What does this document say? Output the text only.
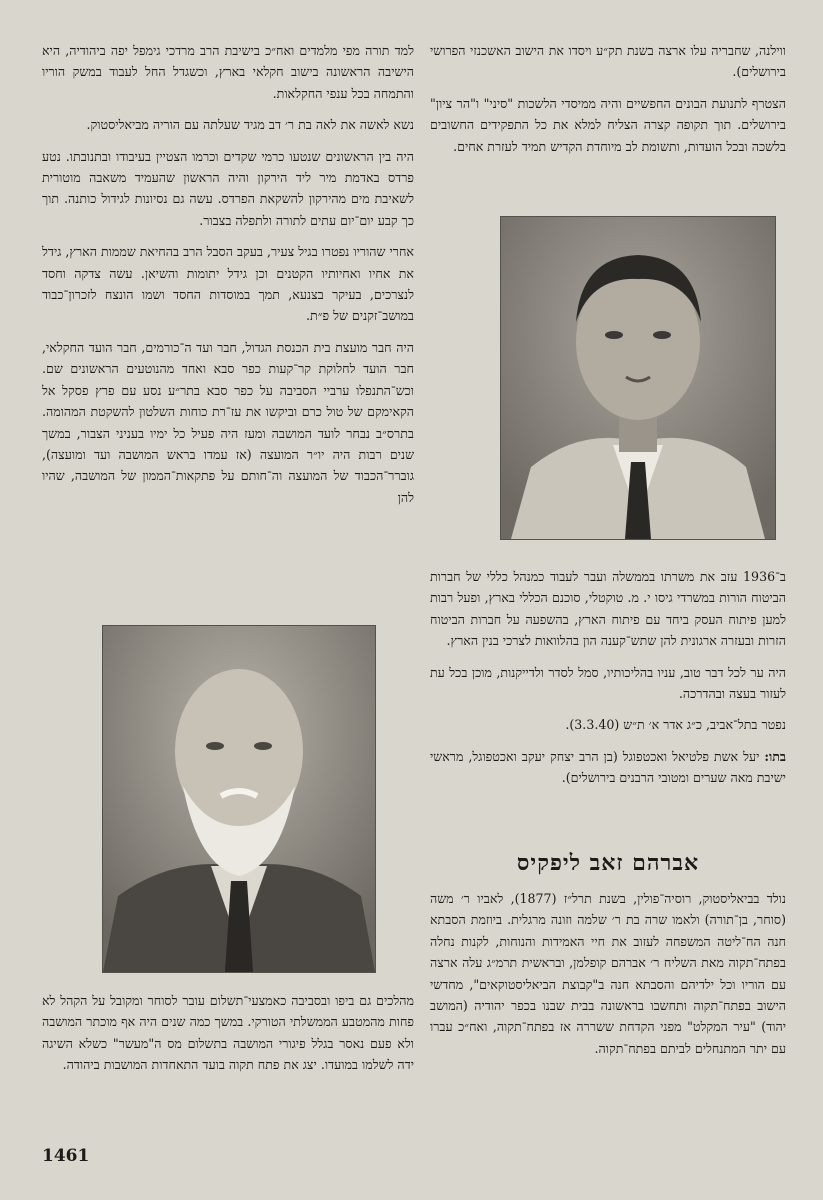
ווילנה, שחבריה עלו ארצה בשנת תק״ע ויסדו את הישוב האשכנזי הפרושי בירושלים).

הצטרף לתנועת הבונים החפשיים והיה ממיסדי הלשכות "סיני" ו"הר ציון" בירושלים. תוך תקופה קצרה הצליח למלא את כל התפקידים החשובים בלשכה ובכל הועדות, ותשומת לב מיוחדת הקדיש תמיד לעזרת אחים.

ב־1936 עזב את משרתו בממשלה ועבר לעבוד כמנהל כללי של חברות הביטוח הורות במשרדי גיסו י. מ. טוקטלי, סוכנם הכללי בארץ, ופעל רבות למען פיתוח העסק ביחד עם פיתוח הארץ, בהשפעה על חברות הביטוח הזרות ובעזרה ארגונית להן שתש־קענה הון בהלוואות לצרכי בנין הארץ.

היה ער לכל דבר טוב, עניו בהליכותיו, סמל לסדר ולדייקנות, מוכן בכל עת לעזור בעצה ובהדרכה.

נפטר בתל־אביב, כ״ג אדר א׳ ת״ש (3.3.40).

בתו: יעל אשת פלטיאל ואכטפוגל (בן הרב יצחק יעקב ואכטפוגל, מראשי ישיבת מאה שערים ומטובי הרבנים בירושלים).

אברהם זאב ליפקיס

נולד בביאליסטוק, רוסיה־פולין, בשנת תרל״ז (1877), לאביו ר׳ משה (סוחר, בן־תורה) ולאמו שרה בת ר׳ שלמה וזונה מרגלית. ביוזמת הסבתא חנה הח־ליטה המשפחה לעזוב את חיי האמידות והנוחות, לקנות נחלה בפתח־תקוה מאת השליח ר׳ אברהם קופלמן, ובראשית תרמ״ג עלה ארצה עם הוריו וכל ילדיהם והסבתא חנה ב"קבוצת הביאליסטוקאים", מחדשי הישוב בפתח־תקוה ותחשבו בראשונה בבית שבנו בכפר יהודיה (המושב יהוד) "עיר המקלט" מפני הקדחת ששררה אז בפתח־תקוה, ואח״כ עברו עם יתר המתנחלים לביתם בפתח־תקוה.

למד תורה מפי מלמדים ואח״כ בישיבת הרב מרדכי גימפל יפה ביהודיה, היא הישיבה הראשונה בישוב חקלאי בארץ, וכשגדל החל לעבוד במשק הוריו והתמחה בכל ענפי החקלאות.

נשא לאשה את לאה בת ר׳ דב מגיד שעלתה עם הוריה מביאליסטוק.

היה בין הראשונים שנטעו כרמי שקדים וכרמו הצטיין בעיבודו ובתנובתו. נטע פרדס באדמת מיר ליד הירקון והיה הראשון שהעמיד משאבה מוטורית לשאיבת מים מהירקון להשקאת הפרדס. עשה גם נסיונות לגידול כותנה. תוך כך קבע יום־יום עתים לתורה ולתפלה בצבור.

אחרי שהוריו נפטרו בגיל צעיר, בעקב הסבל הרב בהחיאת שממות הארץ, גידל את אחיו ואחיותיו הקטנים וכן גידל יתומות והשיאן. עשה צדקה וחסד לנצרכים, בעיקר בצנעא, תמך במוסדות החסד ושמו הונצח לזכרון־כבוד במושב־זקנים של פ״ת.

היה חבר מועצת בית הכנסת הגדול, חבר ועד ה־כורמים, חבר הועד החקלאי, חבר הועד לחלוקת קר־קעות כפר סבא ואחד מהנוטעים הראשונים שם. וכש־התנפלו ערביי הסביבה על כפר סבא בתר״ע נסע עם פרץ פסקל אל הקאימקם של טול כרם וביקשו את עז־רת כוחות השלטון להשקטת המהומה. בתרס״ב נבחר לועד המושבה ומעז היה פעיל כל ימיו בעניני הצבור, במשך שנים רבות היה יו״ר המועצה (אז עמדו בראש המושבה ועד ומועצה), גוברר־הכבוד של המועצה וה־חותם על פתקאות־הממון של המושבה, שהיו להן

מהלכים גם ביפו ובסביבה כאמצעי־תשלום עובר לסוחר ומקובל על הקהל לא פחות מהמטבע הממשלתי הטורקי. במשך כמה שנים היה אף מוכתר המושבה ולא פעם נאסר בגלל פיגורי המושבה בתשלום מס ה"מעשר" כשלא השיגה ידה לשלמו במועדו. יצג את פתח תקוה בועד התאחדות המושבות ביהודה.

1461
